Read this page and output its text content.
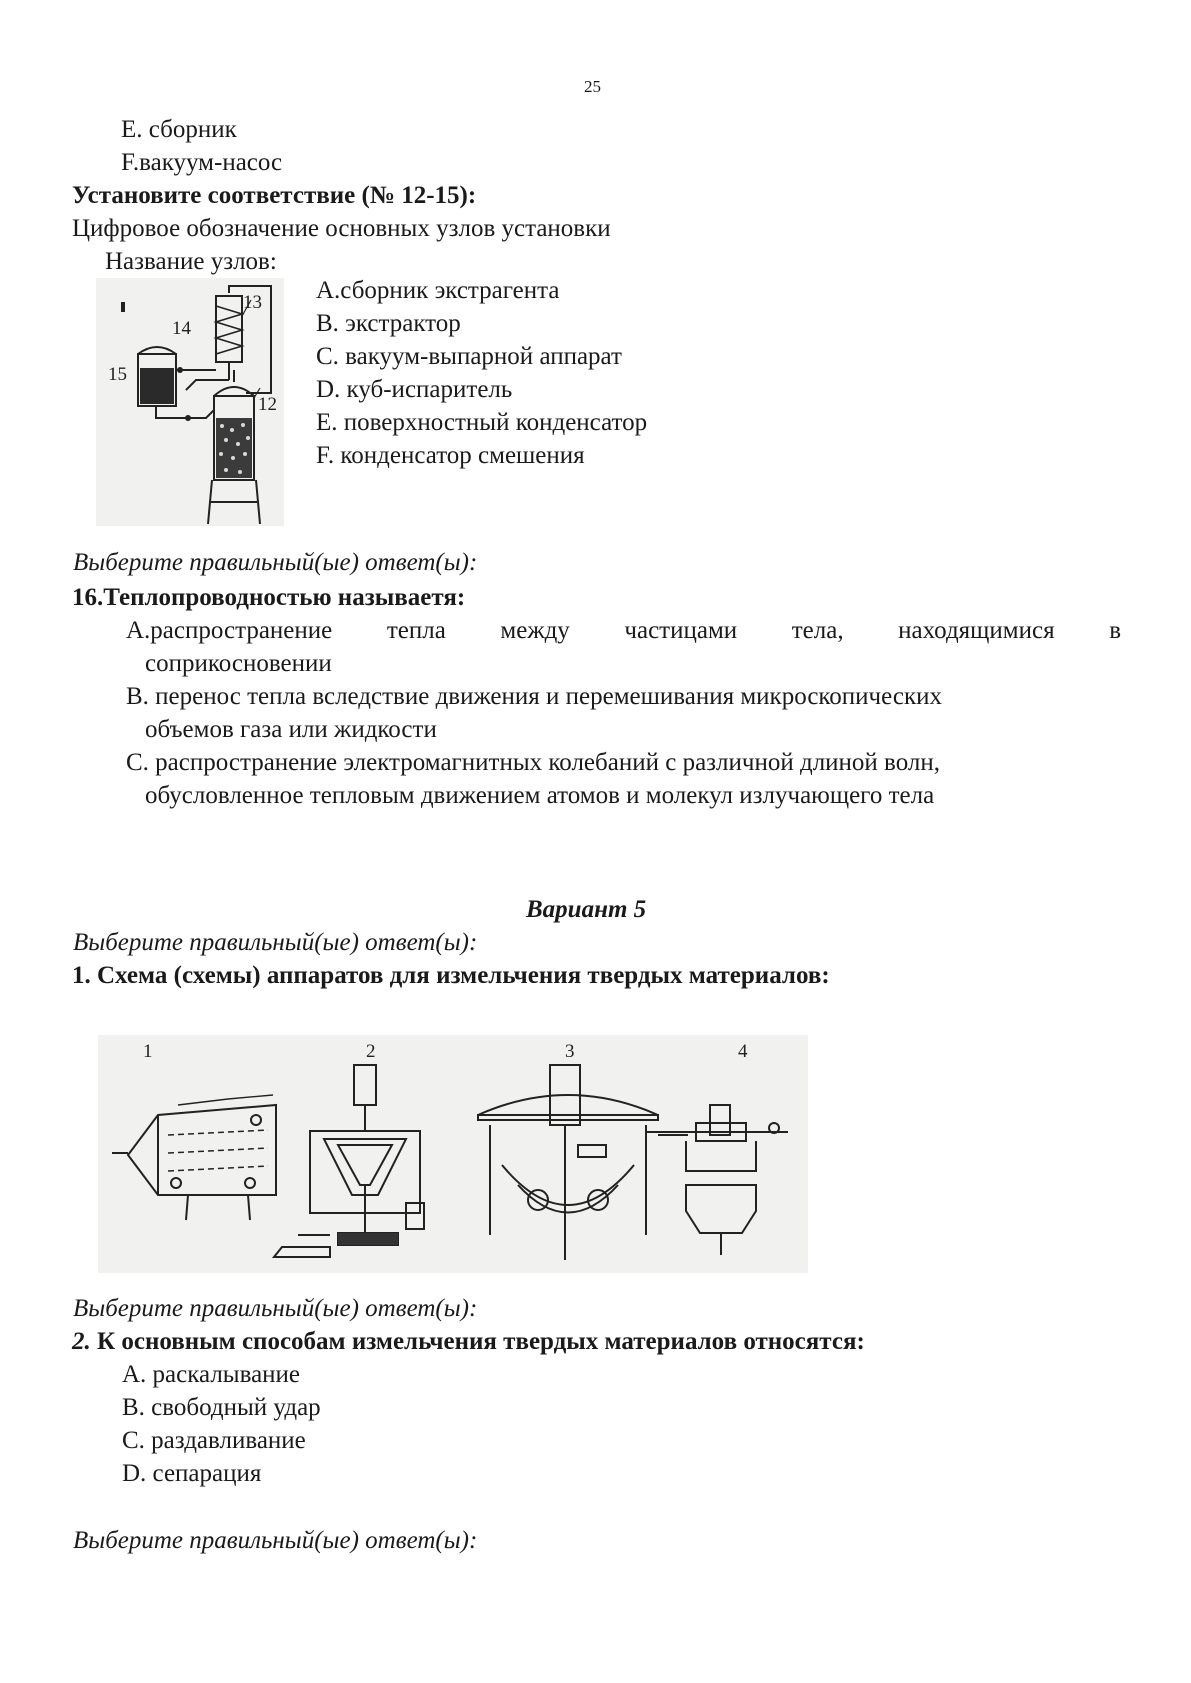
25
E. сборник
F.вакуум-насос
Установите соответствие (№ 12-15):
Цифровое обозначение основных узлов установки
Название узлов:
13
14
15
12
A.сборник экстрагента
B. экстрактор
C. вакуум-выпарной аппарат
D. куб-испаритель
E. поверхностный конденсатор
F. конденсатор смешения
Выберите правильный(ые) ответ(ы):
16.Теплопроводностью называетя:
A.распространение тепла между частицами тела, находящимися в
соприкосновении
B. перенос тепла вследствие движения и перемешивания микроскопических
объемов газа или жидкости
C. распространение электромагнитных колебаний с различной длиной волн,
обусловленное тепловым движением атомов и молекул излучающего тела
Вариант 5
Выберите правильный(ые) ответ(ы):
1. Схема (схемы) аппаратов для измельчения твердых материалов:
1	2	3	4
Выберите правильный(ые) ответ(ы):
2. К основным способам измельчения твердых материалов относятся:
A. раскалывание
B. свободный удар
C. раздавливание
D. сепарация
Выберите правильный(ые) ответ(ы):
